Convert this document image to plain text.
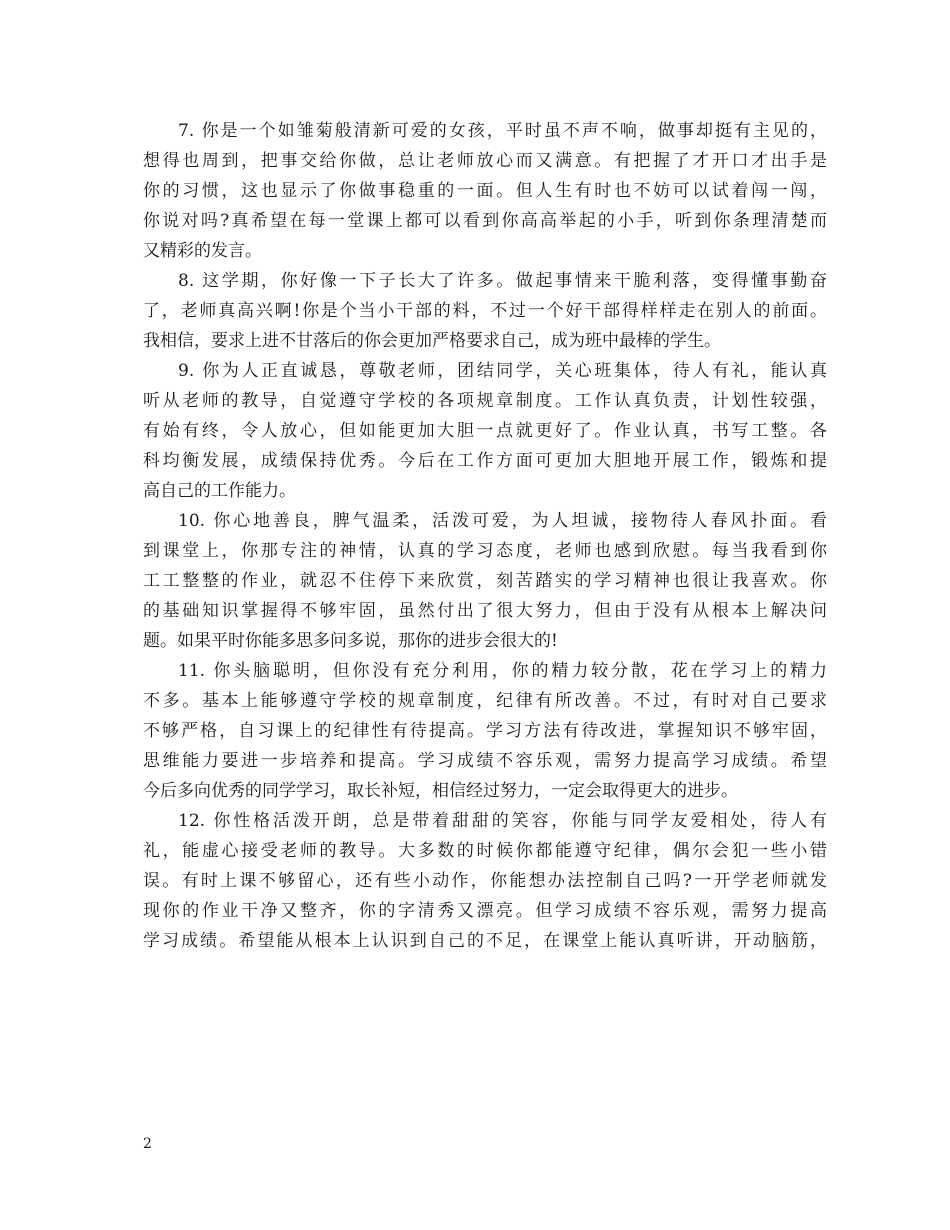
7. 你是一个如雏菊般清新可爱的女孩，平时虽不声不响，做事却挺有主见的，
想得也周到，把事交给你做，总让老师放心而又满意。有把握了才开口才出手是
你的习惯，这也显示了你做事稳重的一面。但人生有时也不妨可以试着闯一闯，
你说对吗?真希望在每一堂课上都可以看到你高高举起的小手，听到你条理清楚而
又精彩的发言。
8. 这学期，你好像一下子长大了许多。做起事情来干脆利落，变得懂事勤奋
了，老师真高兴啊!你是个当小干部的料，不过一个好干部得样样走在别人的前面。
我相信，要求上进不甘落后的你会更加严格要求自己，成为班中最棒的学生。
9. 你为人正直诚恳，尊敬老师，团结同学，关心班集体，待人有礼，能认真
听从老师的教导，自觉遵守学校的各项规章制度。工作认真负责，计划性较强，
有始有终，令人放心，但如能更加大胆一点就更好了。作业认真，书写工整。各
科均衡发展，成绩保持优秀。今后在工作方面可更加大胆地开展工作，锻炼和提
高自己的工作能力。
10. 你心地善良，脾气温柔，活泼可爱，为人坦诚，接物待人春风扑面。看
到课堂上，你那专注的神情，认真的学习态度，老师也感到欣慰。每当我看到你
工工整整的作业，就忍不住停下来欣赏，刻苦踏实的学习精神也很让我喜欢。你
的基础知识掌握得不够牢固，虽然付出了很大努力，但由于没有从根本上解决问
题。如果平时你能多思多问多说，那你的进步会很大的!
11. 你头脑聪明，但你没有充分利用，你的精力较分散，花在学习上的精力
不多。基本上能够遵守学校的规章制度，纪律有所改善。不过，有时对自己要求
不够严格，自习课上的纪律性有待提高。学习方法有待改进，掌握知识不够牢固，
思维能力要进一步培养和提高。学习成绩不容乐观，需努力提高学习成绩。希望
今后多向优秀的同学学习，取长补短，相信经过努力，一定会取得更大的进步。
12. 你性格活泼开朗，总是带着甜甜的笑容，你能与同学友爱相处，待人有
礼，能虚心接受老师的教导。大多数的时候你都能遵守纪律，偶尔会犯一些小错
误。有时上课不够留心，还有些小动作，你能想办法控制自己吗?一开学老师就发
现你的作业干净又整齐，你的字清秀又漂亮。但学习成绩不容乐观，需努力提高
学习成绩。希望能从根本上认识到自己的不足，在课堂上能认真听讲，开动脑筋，
2
